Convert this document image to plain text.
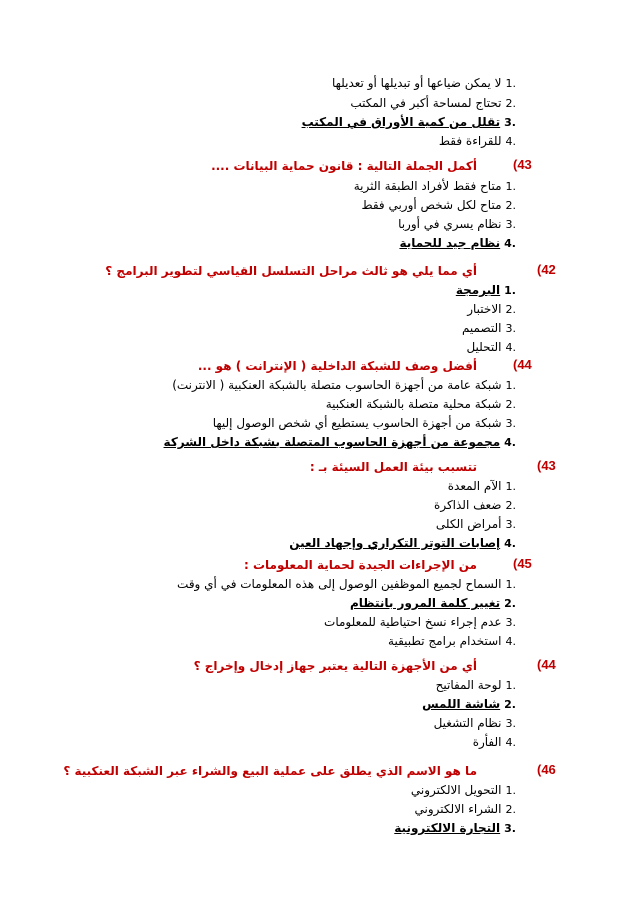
1.لا يمكن ضياعها أو تبديلها أو تعديلها
2.تحتاج لمساحة أكبر في المكتب
3.تقلل من كمية الأوراق في المكتب
4.للقراءة فقط
(43
أكمل الجملة التالية : قانون حماية البيانات ....
1.متاح فقط لأفراد الطبقة الثرية
2.متاح لكل شخص أوربي فقط
3.نظام يسري في أوربا
4.نظام جيد للحماية
(42
أي مما يلي هو ثالث مراحل التسلسل القياسي لتطوير البرامج ؟
1.البرمجة
2.الاختبار
3.التصميم
4.التحليل
(44
أفضل وصف للشبكة الداخلية ( الإنترانت ) هو ...
1.شبكة عامة من أجهزة الحاسوب متصلة بالشبكة العنكبية ( الانترنت)
2.شبكة محلية متصلة بالشبكة العنكبية
3.شبكة من أجهزة الحاسوب يستطيع أي شخص الوصول إليها
4.مجموعة من أجهزة الحاسوب المتصلة بشبكة داخل الشركة
(43
تتسبب بيئة العمل السيئة بـ :
1.الآم المعدة
2.ضعف الذاكرة
3.أمراض الكلى
4.إصابات التوتر التكراري وإجهاد العين
(45
من الإجراءات الجيدة لحماية المعلومات :
1.السماح لجميع الموظفين الوصول إلى هذه المعلومات في أي وقت
2.تغيير كلمة المرور بانتظام
3.عدم إجراء نسخ احتياطية للمعلومات
4.استخدام برامج تطبيقية
(44
أي من الأجهزة التالية يعتبر جهاز إدخال وإخراج ؟
1.لوحة المفاتيح
2.شاشة اللمس
3.نظام التشغيل
4.الفأرة
(46
ما هو الاسم الذي يطلق على عملية البيع والشراء عبر الشبكة العنكبية ؟
1.التحويل الالكتروني
2.الشراء الالكتروني
3.التجارة الالكترونية
